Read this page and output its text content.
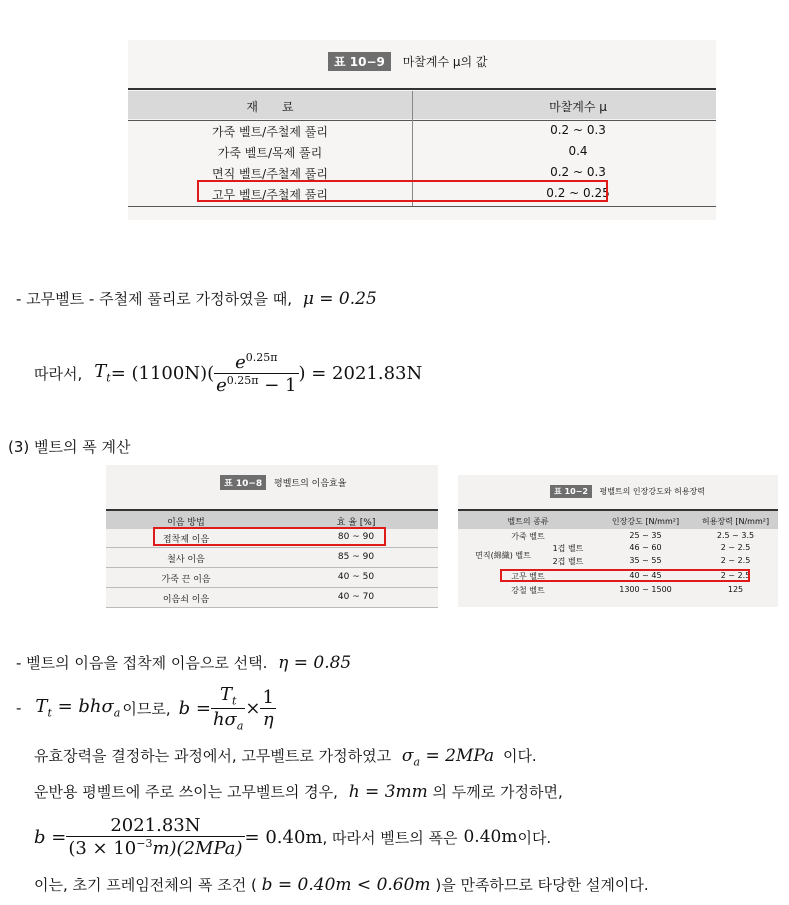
표 10−9 마찰계수 μ의 값
재　　료	마찰계수 μ
가죽 벨트/주철제 풀리	0.2 ~ 0.3
가죽 벨트/목제 풀리	0.4
면직 벨트/주철제 풀리	0.2 ~ 0.3
고무 벨트/주철제 풀리	0.2 ~ 0.25
- 고무벨트 - 주철제 풀리로 가정하였을 때, μ = 0.25
따라서, $T_t = (1100N)( \frac{e^{0.25\pi}}{e^{0.25\pi} - 1}$ ) = 2021.83N
(3) 벨트의 폭 계산
표 10−8 평벨트의 이음효율
이음 방법	효 율 [%]
접착제 이음	80 ~ 90
철사 이음	85 ~ 90
가죽 끈 이음	40 ~ 50
이음쇠 이음	40 ~ 70
표 10−2 평벨트의 인장강도와 허용장력
벨트의 종류	인장강도 [N/mm²]	허용장력 [N/mm²]
가죽 벨트	25 ~ 35	2.5 ~ 3.5
면직(綿織) 벨트
1겹 벨트	46 ~ 60	2 ~ 2.5
2겹 벨트	35 ~ 55	2 ~ 2.5
고무 벨트	40 ~ 45	2 ~ 2.5
강철 벨트	1300 ~ 1500	125
- 벨트의 이음을 접착제 이음으로 선택. η = 0.85
- $T_t = bh\sigma_a$ 이므로, $b = \frac{T_t}{h\sigma_a} \times \frac{1}{\eta}$
유효장력을 결정하는 과정에서, 고무벨트로 가정하였고 $\sigma_a = 2MPa$ 이다.
운반용 평벨트에 주로 쓰이는 고무벨트의 경우, h = 3mm 의 두께로 가정하면,
$b = \frac{2021.83N}{(3 \times 10^{-3}m)(2MPa)} = 0.40m$ , 따라서 벨트의 폭은 0.40m 이다.
이는, 초기 프레임전체의 폭 조건 ( b = 0.40m < 0.60m )을 만족하므로 타당한 설계이다.
